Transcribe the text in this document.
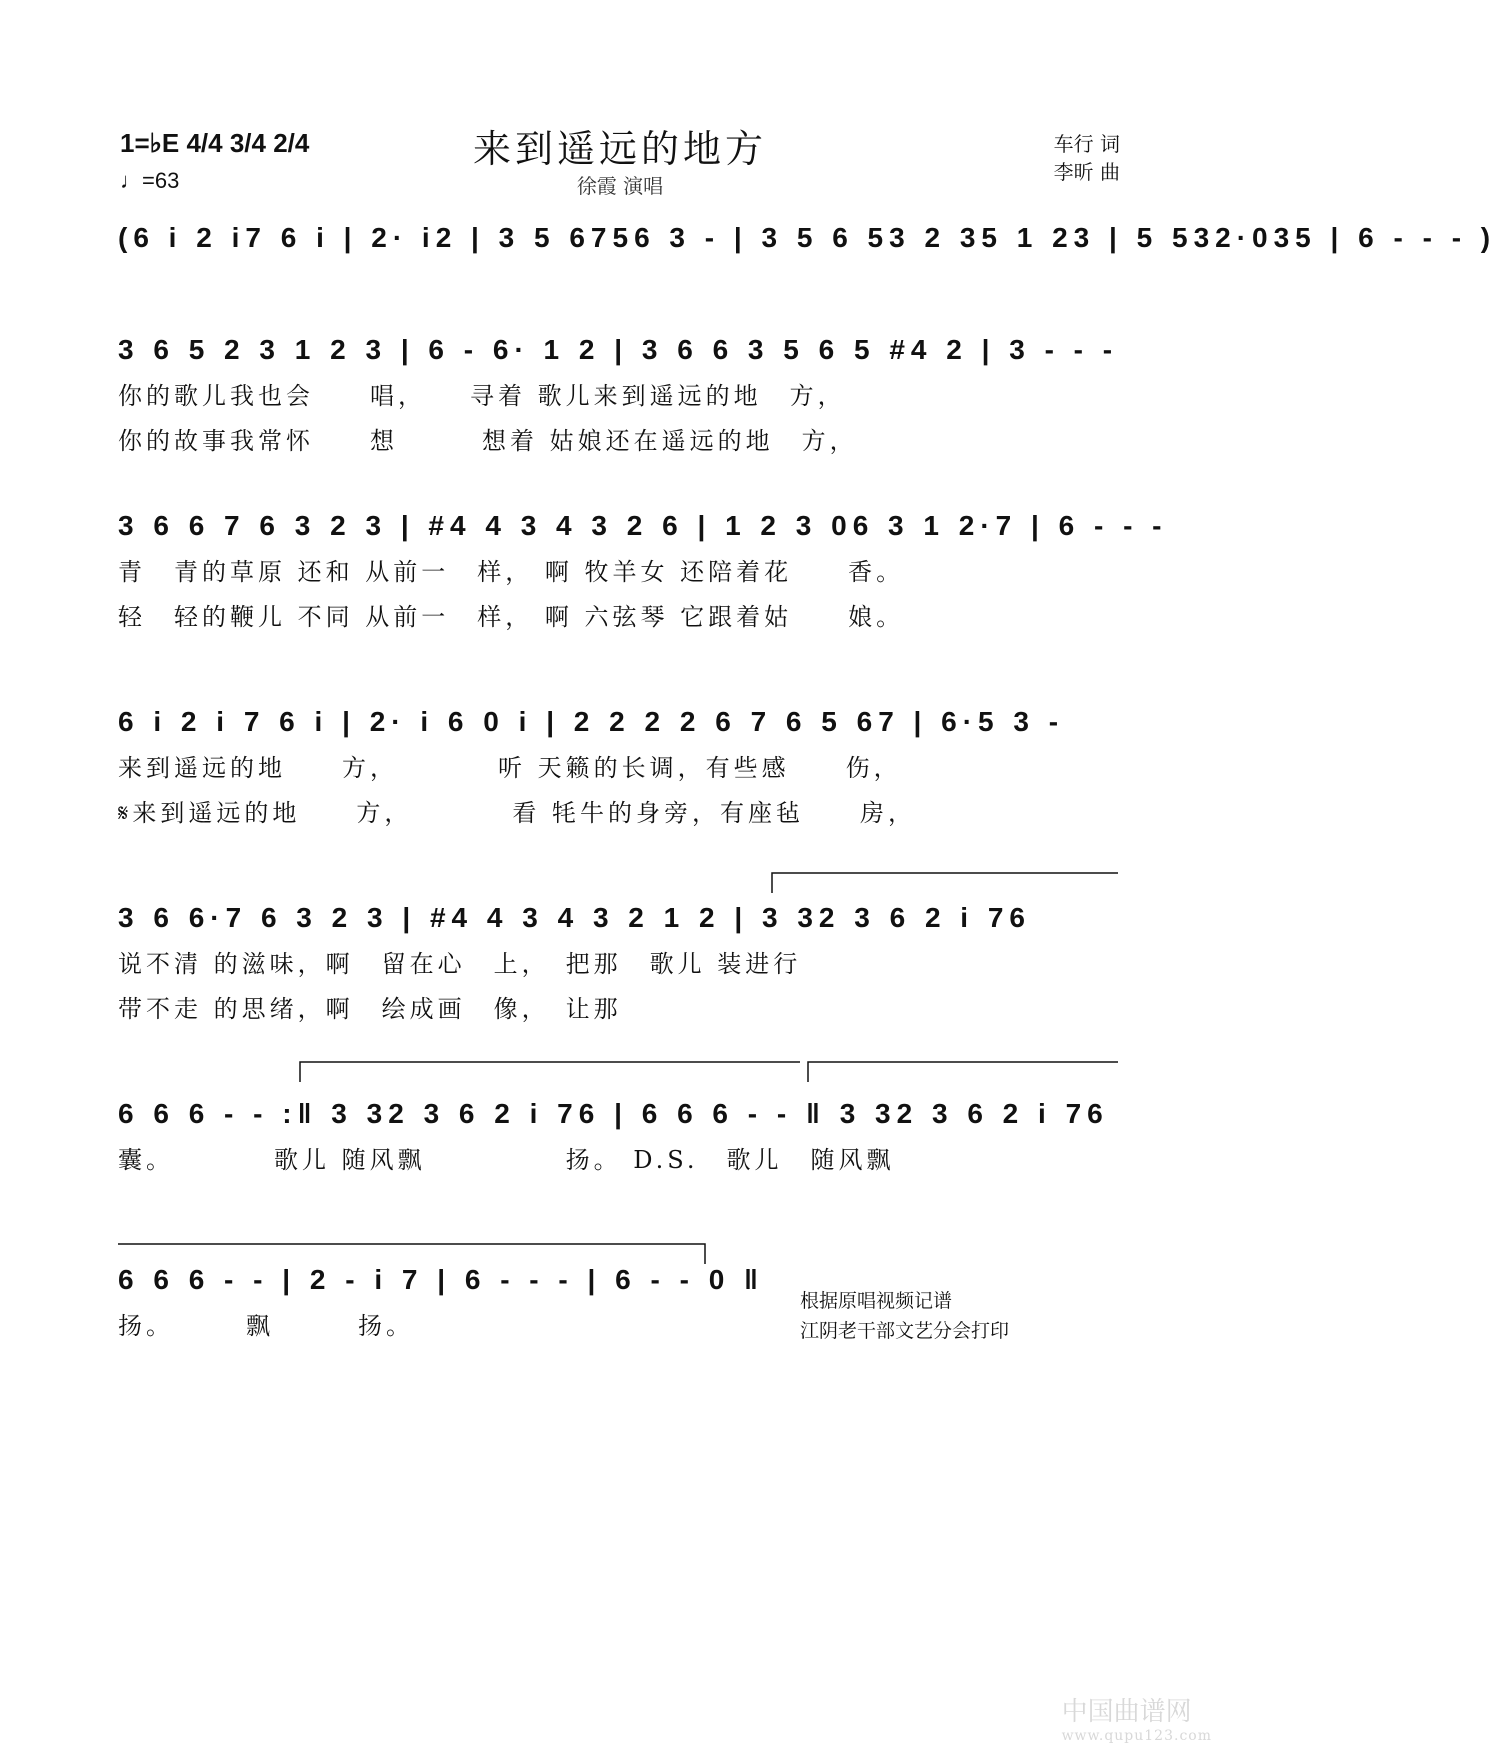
1=♭E 4/4 3/4 2/4
♩=63
来到遥远的地方
徐霞 演唱
车行 词
李昕 曲
(6 i 2 i7 6 i | 2· i2 | 3 5 6756 3 - | 3 5 6 53 2 35 1 23 | 5 532·035 | 6 - - - )
3 6 5 2 3 1 2 3 | 6 - 6· 1 2 | 3 6 6 3 5 6 5 #4 2 | 3 - - -
你的歌儿我也会　　唱，　　寻着 歌儿来到遥远的地　方，
你的故事我常怀　　想　　　想着 姑娘还在遥远的地　方，
3 6 6 7 6 3 2 3 | #4 4 3 4 3 2 6 | 1 2 3 06 3 1 2·7 | 6 - - -
青　青的草原 还和 从前一　样， 啊 牧羊女 还陪着花　　香。
轻　轻的鞭儿 不同 从前一　样， 啊 六弦琴 它跟着姑　　娘。
6 i 2 i 7 6 i | 2· i 6 0 i | 2 2 2 2 6 7 6 5 67 | 6·5 3 -
来到遥远的地　　方，　　　　听 天籁的长调，有些感　　伤，
𝄋来到遥远的地　　方，　　　　看 牦牛的身旁，有座毡　　房，
3 6 6·7 6 3 2 3 | #4 4 3 4 3 2 1 2 | 3 32 3 6 2 i 76
说不清 的滋味，啊　留在心　上，　把那　歌儿 装进行
带不走 的思绪，啊　绘成画　像，　让那
6 6 6 - - :‖ 3 32 3 6 2 i 76 | 6 6 6 - - ‖ 3 32 3 6 2 i 76
囊。　　　　歌儿 随风飘　　　　　扬。 D.S.　歌儿　随风飘
6 6 6 - - | 2 - i 7 | 6 - - - | 6 - - 0 ‖
扬。　　　飘　　　扬。
根据原唱视频记谱
江阴老干部文艺分会打印
中国曲谱网
www.qupu123.com
